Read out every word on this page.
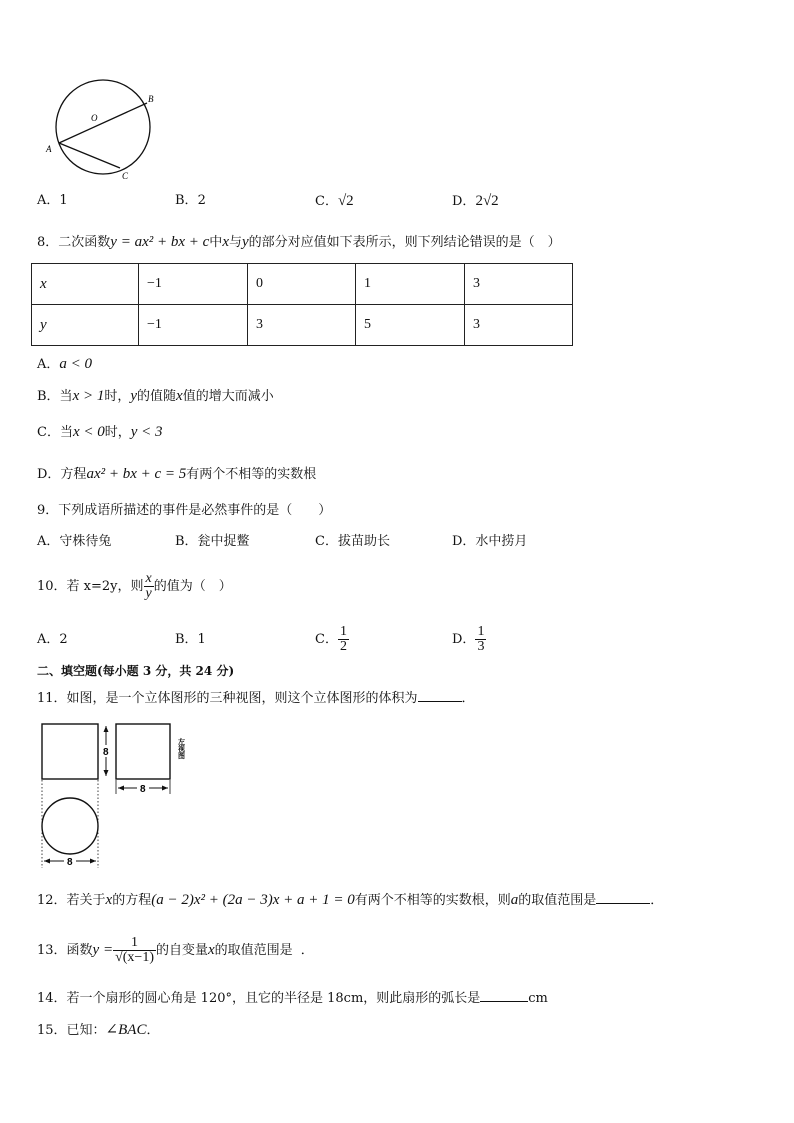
O
B
A
C
A．1	B．2	C．√2	D．2√2
8．二次函数y = ax² + bx + c中x与y的部分对应值如下表所示，则下列结论错误的是（　）
x	−1	0	1	3
y	−1	3	5	3
A．a < 0
B．当x > 1时，y的值随x值的增大而减小
C．当x < 0时，y < 3
D．方程ax² + bx + c = 5有两个不相等的实数根
9．下列成语所描述的事件是必然事件的是（　　）
A．守株待兔	B．瓮中捉鳖	C．拔苗助长	D．水中捞月
10．若 x=2y，则 $\frac{x}{y}$ 的值为（　）
A．2	B．1	C． $\frac{1}{2}$	D． $\frac{1}{3}$
二、填空题(每小题 3 分，共 24 分)
11．如图，是一个立体图形的三种视图，则这个立体图形的体积为	．
8
8
左视图
8
12．若关于x的方程(a − 2)x² + (2a − 3)x + a + 1 = 0有两个不相等的实数根，则a的取值范围是	．
13．函数$y = \frac{1}{√(x-1)}$ 的自变量x的取值范围是 ．
14．若一个扇形的圆心角是 120°，且它的半径是 18cm，则此扇形的弧长是	cm
15．已知：∠BAC．
